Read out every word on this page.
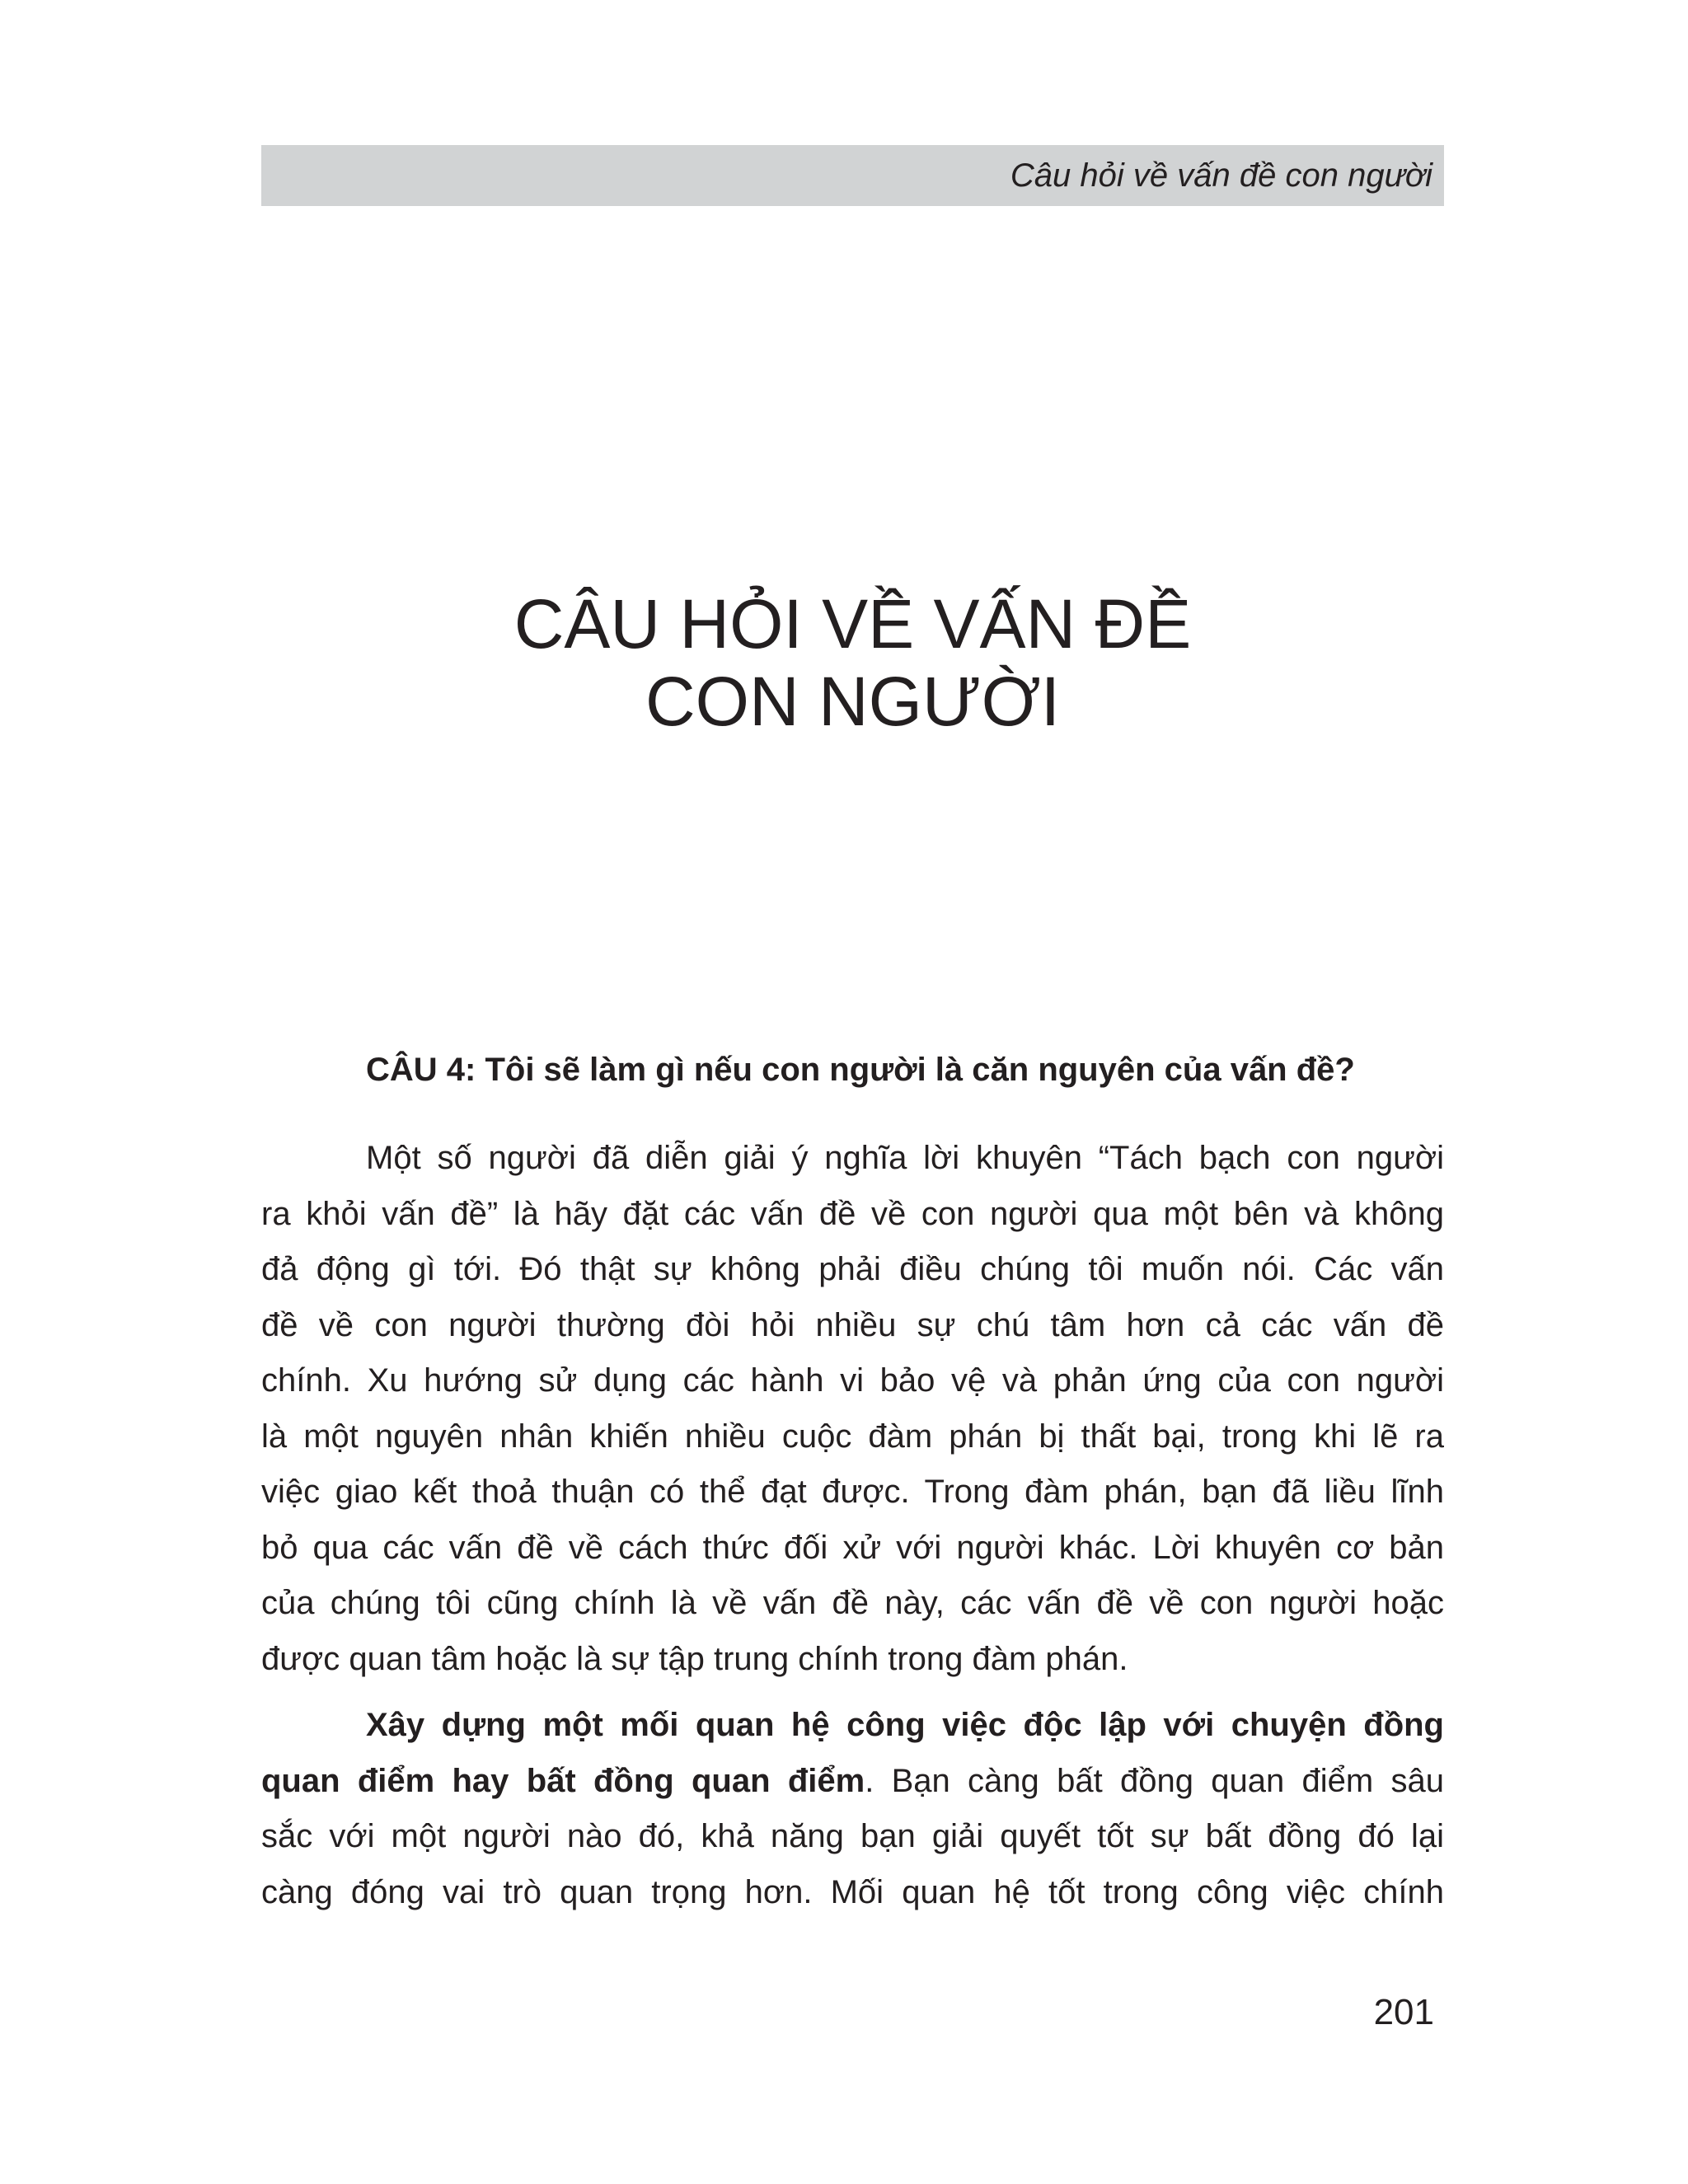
Câu hỏi về vấn đề con người
CÂU HỎI VỀ VẤN ĐỀ
CON NGƯỜI
CÂU 4: Tôi sẽ làm gì nếu con người là căn nguyên của vấn đề?

Một số người đã diễn giải ý nghĩa lời khuyên “Tách bạch con người
ra khỏi vấn đề” là hãy đặt các vấn đề về con người qua một bên và không
đả động gì tới. Đó thật sự không phải điều chúng tôi muốn nói. Các vấn
đề về con người thường đòi hỏi nhiều sự chú tâm hơn cả các vấn đề
chính. Xu hướng sử dụng các hành vi bảo vệ và phản ứng của con người
là một nguyên nhân khiến nhiều cuộc đàm phán bị thất bại, trong khi lẽ ra
việc giao kết thoả thuận có thể đạt được. Trong đàm phán, bạn đã liều lĩnh
bỏ qua các vấn đề về cách thức đối xử với người khác. Lời khuyên cơ bản
của chúng tôi cũng chính là về vấn đề này, các vấn đề về con người hoặc
được quan tâm hoặc là sự tập trung chính trong đàm phán.

Xây dựng một mối quan hệ công việc độc lập với chuyện đồng
quan điểm hay bất đồng quan điểm. Bạn càng bất đồng quan điểm sâu
sắc với một người nào đó, khả năng bạn giải quyết tốt sự bất đồng đó lại
càng đóng vai trò quan trọng hơn. Mối quan hệ tốt trong công việc chính

201
